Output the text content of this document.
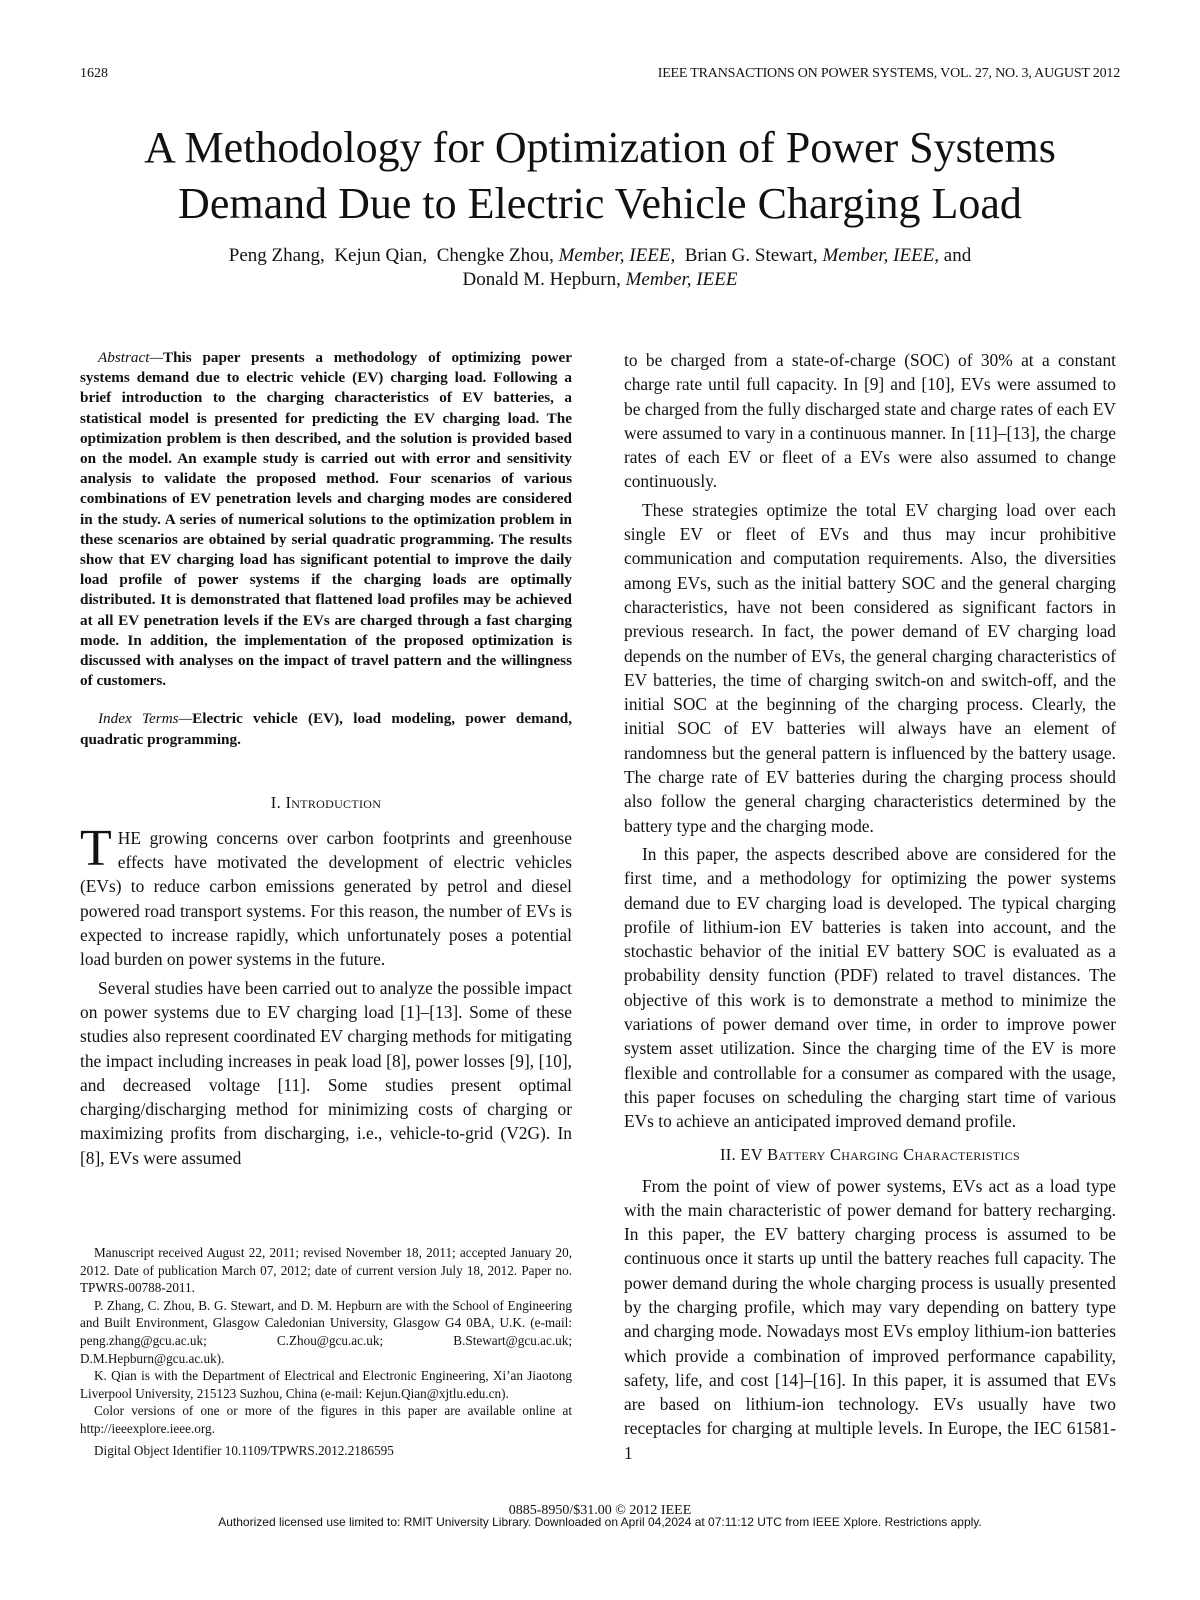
1628	IEEE TRANSACTIONS ON POWER SYSTEMS, VOL. 27, NO. 3, AUGUST 2012
A Methodology for Optimization of Power Systems
Demand Due to Electric Vehicle Charging Load
Peng Zhang, Kejun Qian, Chengke Zhou, Member, IEEE, Brian G. Stewart, Member, IEEE, and
Donald M. Hepburn, Member, IEEE

Abstract—This paper presents a methodology of optimizing power systems demand due to electric vehicle (EV) charging load. Following a brief introduction to the charging characteristics of EV batteries, a statistical model is presented for predicting the EV charging load. The optimization problem is then described, and the solution is provided based on the model. An example study is carried out with error and sensitivity analysis to validate the proposed method. Four scenarios of various combinations of EV penetration levels and charging modes are considered in the study. A series of numerical solutions to the optimization problem in these scenarios are obtained by serial quadratic programming. The results show that EV charging load has significant potential to improve the daily load profile of power systems if the charging loads are optimally distributed. It is demonstrated that flattened load profiles may be achieved at all EV penetration levels if the EVs are charged through a fast charging mode. In addition, the implementation of the proposed optimization is discussed with analyses on the impact of travel pattern and the willingness of customers.

Index Terms—Electric vehicle (EV), load modeling, power demand, quadratic programming.

I. Introduction

THE growing concerns over carbon footprints and greenhouse effects have motivated the development of electric vehicles (EVs) to reduce carbon emissions generated by petrol and diesel powered road transport systems. For this reason, the number of EVs is expected to increase rapidly, which unfortunately poses a potential load burden on power systems in the future.

Several studies have been carried out to analyze the possible impact on power systems due to EV charging load [1]–[13]. Some of these studies also represent coordinated EV charging methods for mitigating the impact including increases in peak load [8], power losses [9], [10], and decreased voltage [11]. Some studies present optimal charging/discharging method for minimizing costs of charging or maximizing profits from discharging, i.e., vehicle-to-grid (V2G). In [8], EVs were assumed

to be charged from a state-of-charge (SOC) of 30% at a constant charge rate until full capacity. In [9] and [10], EVs were assumed to be charged from the fully discharged state and charge rates of each EV were assumed to vary in a continuous manner. In [11]–[13], the charge rates of each EV or fleet of a EVs were also assumed to change continuously.

These strategies optimize the total EV charging load over each single EV or fleet of EVs and thus may incur prohibitive communication and computation requirements. Also, the diversities among EVs, such as the initial battery SOC and the general charging characteristics, have not been considered as significant factors in previous research. In fact, the power demand of EV charging load depends on the number of EVs, the general charging characteristics of EV batteries, the time of charging switch-on and switch-off, and the initial SOC at the beginning of the charging process. Clearly, the initial SOC of EV batteries will always have an element of randomness but the general pattern is influenced by the battery usage. The charge rate of EV batteries during the charging process should also follow the general charging characteristics determined by the battery type and the charging mode.

In this paper, the aspects described above are considered for the first time, and a methodology for optimizing the power systems demand due to EV charging load is developed. The typical charging profile of lithium-ion EV batteries is taken into account, and the stochastic behavior of the initial EV battery SOC is evaluated as a probability density function (PDF) related to travel distances. The objective of this work is to demonstrate a method to minimize the variations of power demand over time, in order to improve power system asset utilization. Since the charging time of the EV is more flexible and controllable for a consumer as compared with the usage, this paper focuses on scheduling the charging start time of various EVs to achieve an anticipated improved demand profile.

II. EV Battery Charging Characteristics

From the point of view of power systems, EVs act as a load type with the main characteristic of power demand for battery recharging. In this paper, the EV battery charging process is assumed to be continuous once it starts up until the battery reaches full capacity. The power demand during the whole charging process is usually presented by the charging profile, which may vary depending on battery type and charging mode. Nowadays most EVs employ lithium-ion batteries which provide a combination of improved performance capability, safety, life, and cost [14]–[16]. In this paper, it is assumed that EVs are based on lithium-ion technology. EVs usually have two receptacles for charging at multiple levels. In Europe, the IEC 61581-1

Manuscript received August 22, 2011; revised November 18, 2011; accepted January 20, 2012. Date of publication March 07, 2012; date of current version July 18, 2012. Paper no. TPWRS-00788-2011.

P. Zhang, C. Zhou, B. G. Stewart, and D. M. Hepburn are with the School of Engineering and Built Environment, Glasgow Caledonian University, Glasgow G4 0BA, U.K. (e-mail: peng.zhang@gcu.ac.uk; C.Zhou@gcu.ac.uk; B.Stewart@gcu.ac.uk; D.M.Hepburn@gcu.ac.uk).

K. Qian is with the Department of Electrical and Electronic Engineering, Xi’an Jiaotong Liverpool University, 215123 Suzhou, China (e-mail: Kejun.Qian@xjtlu.edu.cn).

Color versions of one or more of the figures in this paper are available online at http://ieeexplore.ieee.org.

Digital Object Identifier 10.1109/TPWRS.2012.2186595

0885-8950/$31.00 © 2012 IEEE
Authorized licensed use limited to: RMIT University Library. Downloaded on April 04,2024 at 07:11:12 UTC from IEEE Xplore. Restrictions apply.
